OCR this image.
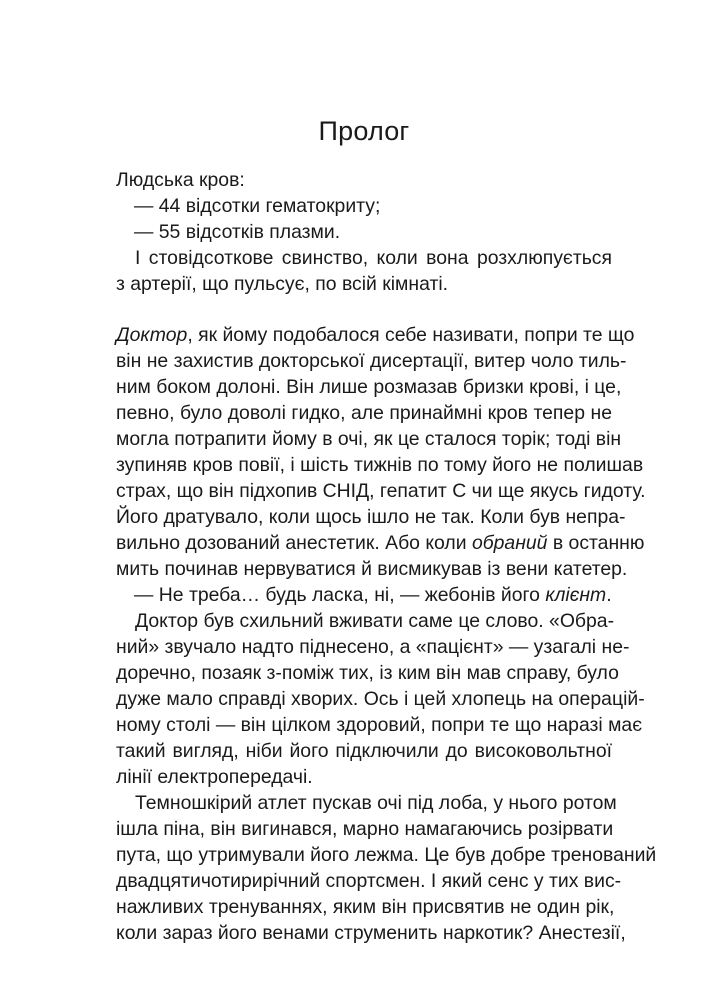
Пролог
Людська кров:
— 44 відсотки гематокриту;
— 55 відсотків плазми.
І стовідсоткове свинство, коли вона розхлюпується
з артерії, що пульсує, по всій кімнаті.
Доктор, як йому подобалося себе називати, попри те що
він не захистив докторської дисертації, витер чоло тиль-
ним боком долоні. Він лише розмазав бризки крові, і це,
певно, було доволі гидко, але принаймні кров тепер не
могла потрапити йому в очі, як це сталося торік; тоді він
зупиняв кров повії, і шість тижнів по тому його не полишав
страх, що він підхопив СНІД, гепатит С чи ще якусь гидоту.
Його дратувало, коли щось ішло не так. Коли був непра-
вильно дозований анестетик. Або коли обраний в останню
мить починав нервуватися й висмикував із вени катетер.
— Не треба… будь ласка, ні, — жебонів його клієнт.
Доктор був схильний вживати саме це слово. «Обра-
ний» звучало надто піднесено, а «пацієнт» — узагалі не-
доречно, позаяк з-поміж тих, із ким він мав справу, було
дуже мало справді хворих. Ось і цей хлопець на операцій-
ному столі — він цілком здоровий, попри те що наразі має
такий вигляд, ніби його підключили до високовольтної
лінії електропередачі.
Темношкірий атлет пускав очі під лоба, у нього ротом
ішла піна, він вигинався, марно намагаючись розірвати
пута, що утримували його лежма. Це був добре тренований
двадцятичотирирічний спортсмен. І який сенс у тих вис-
нажливих тренуваннях, яким він присвятив не один рік,
коли зараз його венами струменить наркотик? Анестезії,
